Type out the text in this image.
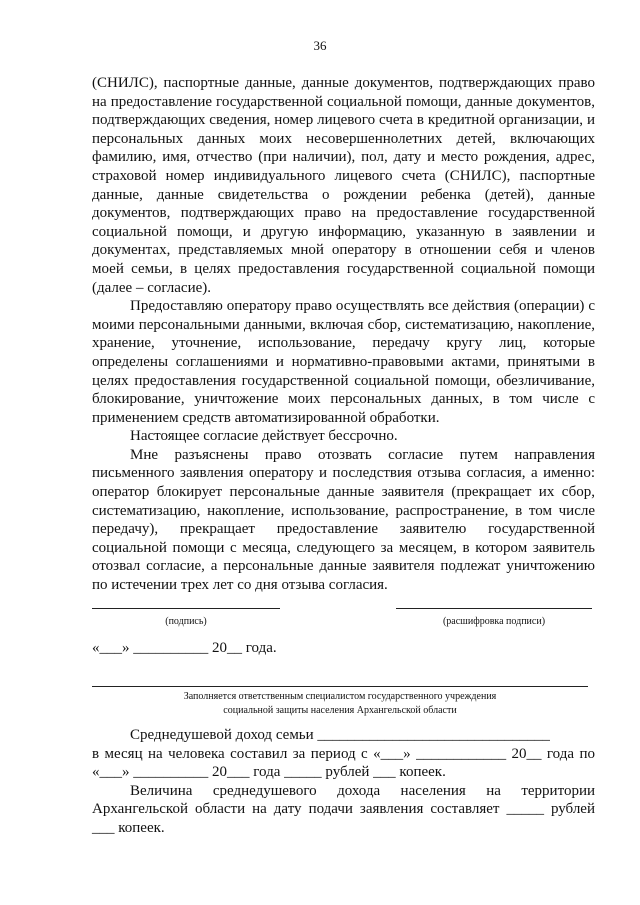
36

(СНИЛС), паспортные данные, данные документов, подтверждающих право на предоставление государственной социальной помощи, данные документов, подтверждающих сведения, номер лицевого счета в кредитной организации, и персональных данных моих несовершеннолетних детей, включающих фамилию, имя, отчество (при наличии), пол, дату и место рождения, адрес, страховой номер индивидуального лицевого счета (СНИЛС), паспортные данные, данные свидетельства о рождении ребенка (детей), данные документов, подтверждающих право на предоставление государственной социальной помощи, и другую информацию, указанную в заявлении и документах, представляемых мной оператору в отношении себя и членов моей семьи, в целях предоставления государственной социальной помощи (далее – согласие).

Предоставляю оператору право осуществлять все действия (операции) с моими персональными данными, включая сбор, систематизацию, накопление, хранение, уточнение, использование, передачу кругу лиц, которые определены соглашениями и нормативно-правовыми актами, принятыми в целях предоставления государственной социальной помощи, обезличивание, блокирование, уничтожение моих персональных данных, в том числе с применением средств автоматизированной обработки.

Настоящее согласие действует бессрочно.

Мне разъяснены право отозвать согласие путем направления письменного заявления оператору и последствия отзыва согласия, а именно: оператор блокирует персональные данные заявителя (прекращает их сбор, систематизацию, накопление, использование, распространение, в том числе передачу), прекращает предоставление заявителю государственной социальной помощи с месяца, следующего за месяцем, в котором заявитель отозвал согласие, а персональные данные заявителя подлежат уничтожению по истечении трех лет со дня отзыва согласия.

(подпись)	(расшифровка подписи)
«___» __________ 20__ года.
Заполняется ответственным специалистом государственного учреждения
социальной защиты населения Архангельской области

Среднедушевой доход семьи _______________________________

в месяц на человека составил за период с «___» ____________ 20__ года по «___» __________ 20___ года _____ рублей ___ копеек.

Величина среднедушевого дохода населения на территории Архангельской области на дату подачи заявления составляет _____ рублей ___ копеек.
